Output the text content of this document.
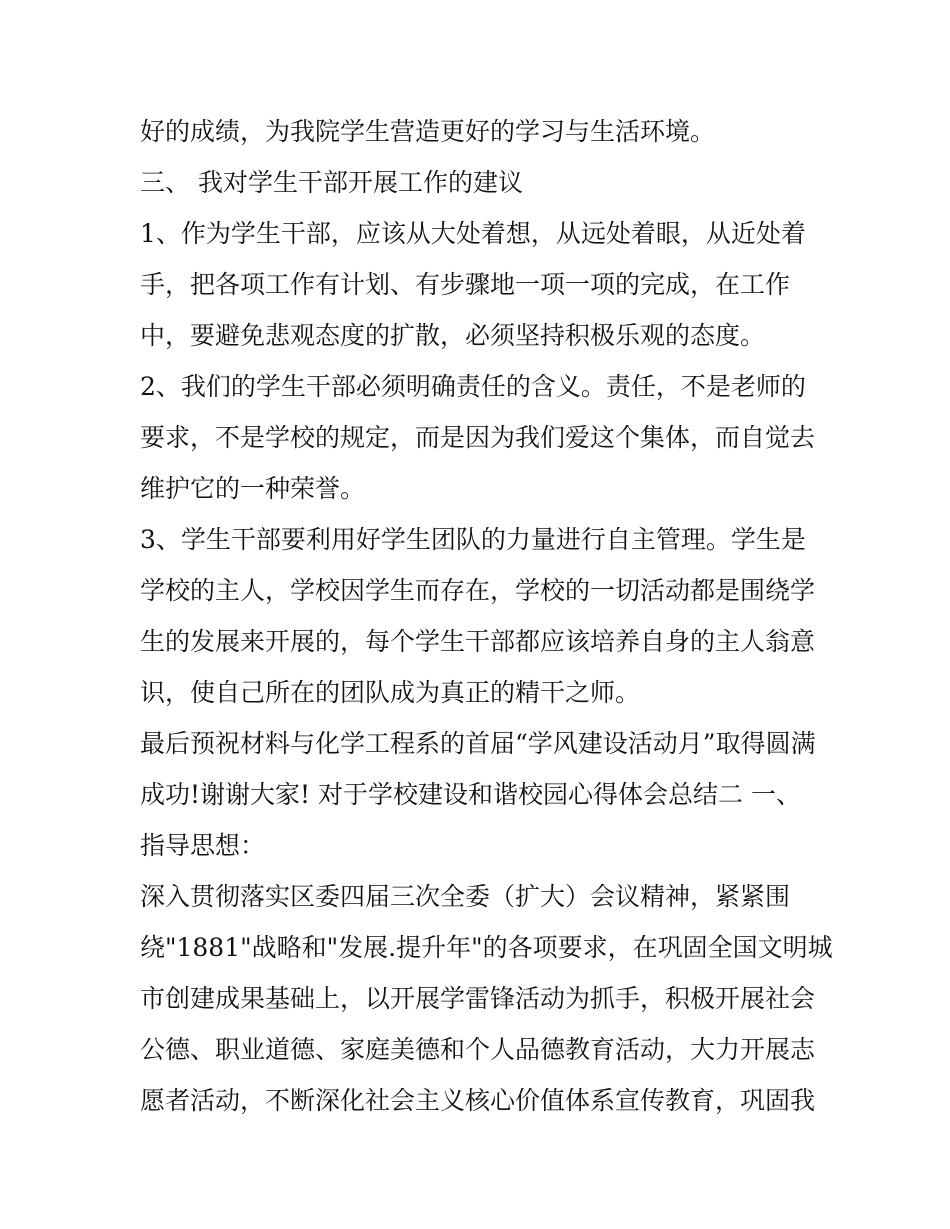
好的成绩，为我院学生营造更好的学习与生活环境。
三、 我对学生干部开展工作的建议
1、作为学生干部，应该从大处着想，从远处着眼，从近处着
手，把各项工作有计划、有步骤地一项一项的完成，在工作
中，要避免悲观态度的扩散，必须坚持积极乐观的态度。
2、我们的学生干部必须明确责任的含义。责任，不是老师的
要求，不是学校的规定，而是因为我们爱这个集体，而自觉去
维护它的一种荣誉。
3、学生干部要利用好学生团队的力量进行自主管理。学生是
学校的主人，学校因学生而存在，学校的一切活动都是围绕学
生的发展来开展的，每个学生干部都应该培养自身的主人翁意
识，使自己所在的团队成为真正的精干之师。
最后预祝材料与化学工程系的首届“学风建设活动月”取得圆满
成功!谢谢大家! 对于学校建设和谐校园心得体会总结二 一、
指导思想：
深入贯彻落实区委四届三次全委（扩大）会议精神，紧紧围
绕"1881"战略和"发展.提升年"的各项要求，在巩固全国文明城
市创建成果基础上，以开展学雷锋活动为抓手，积极开展社会
公德、职业道德、家庭美德和个人品德教育活动，大力开展志
愿者活动，不断深化社会主义核心价值体系宣传教育，巩固我
